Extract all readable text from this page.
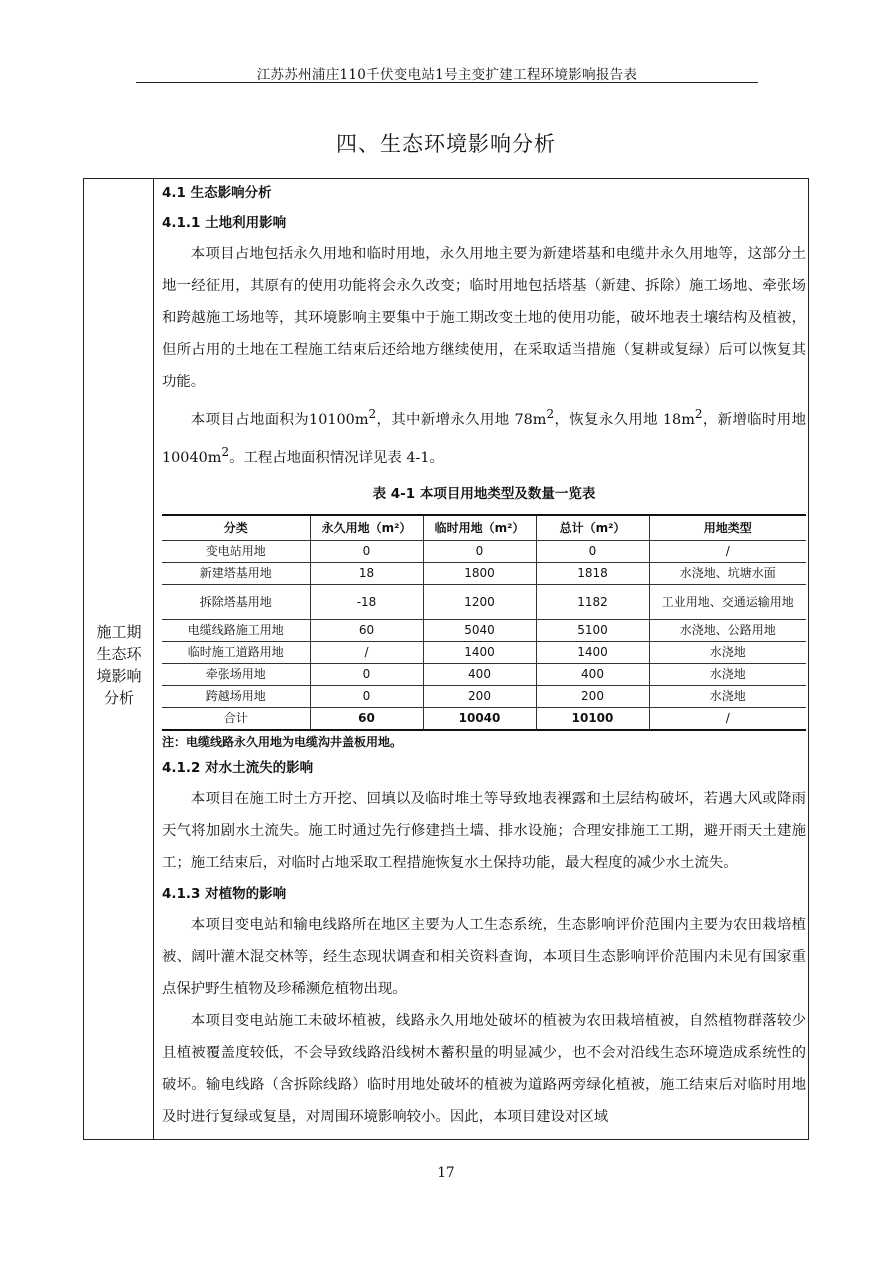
江苏苏州浦庄110千伏变电站1号主变扩建工程环境影响报告表
四、生态环境影响分析
施工期
生态环
境影响
分析
4.1 生态影响分析
4.1.1 土地利用影响

本项目占地包括永久用地和临时用地，永久用地主要为新建塔基和电缆井永久用地等，这部分土地一经征用，其原有的使用功能将会永久改变；临时用地包括塔基（新建、拆除）施工场地、牵张场和跨越施工场地等，其环境影响主要集中于施工期改变土地的使用功能，破坏地表土壤结构及植被，但所占用的土地在工程施工结束后还给地方继续使用，在采取适当措施（复耕或复绿）后可以恢复其功能。

本项目占地面积为$10100m^2$，其中新增永久用地 $78m^2$，恢复永久用地 $18m^2$，新增临时用地 $10040m^2$。工程占地面积情况详见表 4-1。

表 4-1 本项目用地类型及数量一览表
分类	永久用地（m²）	临时用地（m²）	总计（m²）	用地类型
变电站用地	0	0	0	/
新建塔基用地	18	1800	1818	水浇地、坑塘水面
拆除塔基用地	-18	1200	1182	工业用地、交通运输用地
电缆线路施工用地	60	5040	5100	水浇地、公路用地
临时施工道路用地	/	1400	1400	水浇地
牵张场用地	0	400	400	水浇地
跨越场用地	0	200	200	水浇地
合计	60	10040	10100	/
注：电缆线路永久用地为电缆沟井盖板用地。
4.1.2 对水土流失的影响

本项目在施工时土方开挖、回填以及临时堆土等导致地表裸露和土层结构破坏，若遇大风或降雨天气将加剧水土流失。施工时通过先行修建挡土墙、排水设施；合理安排施工工期，避开雨天土建施工；施工结束后，对临时占地采取工程措施恢复水土保持功能，最大程度的减少水土流失。

4.1.3 对植物的影响

本项目变电站和输电线路所在地区主要为人工生态系统，生态影响评价范围内主要为农田栽培植被、阔叶灌木混交林等，经生态现状调查和相关资料查询，本项目生态影响评价范围内未见有国家重点保护野生植物及珍稀濒危植物出现。

本项目变电站施工未破坏植被，线路永久用地处破坏的植被为农田栽培植被，自然植物群落较少且植被覆盖度较低，不会导致线路沿线树木蓄积量的明显减少，也不会对沿线生态环境造成系统性的破坏。输电线路（含拆除线路）临时用地处破坏的植被为道路两旁绿化植被，施工结束后对临时用地及时进行复绿或复垦，对周围环境影响较小。因此，本项目建设对区域

17
